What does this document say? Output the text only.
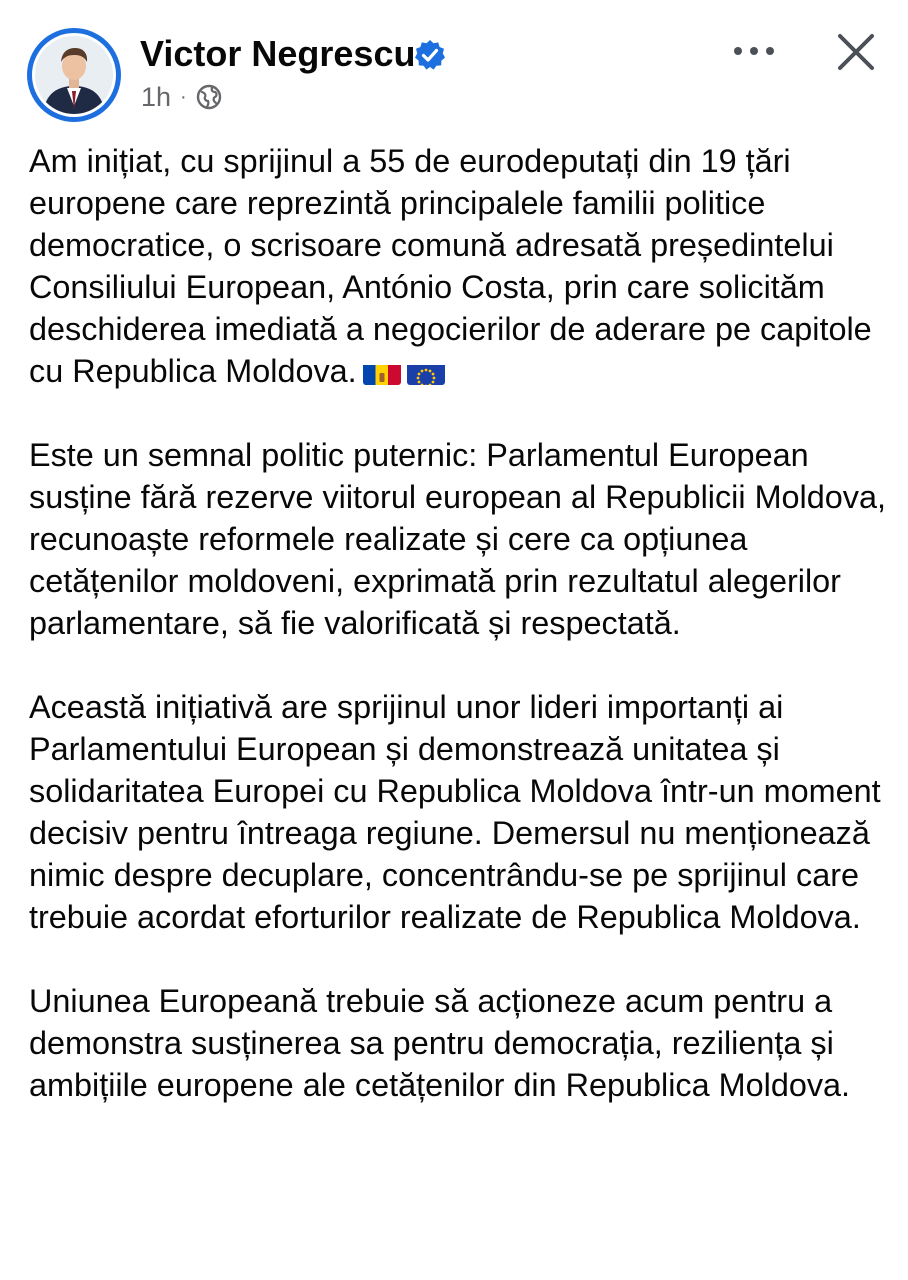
Victor Negrescu
1h ·

Am inițiat, cu sprijinul a 55 de eurodeputați din 19 țări europene care reprezintă principalele familii politice democratice, o scrisoare comună adresată președintelui Consiliului European, António Costa, prin care solicităm deschiderea imediată a negocierilor de aderare pe capitole cu Republica Moldova.

Este un semnal politic puternic: Parlamentul European susține fără rezerve viitorul european al Republicii Moldova, recunoaște reformele realizate și cere ca opțiunea cetățenilor moldoveni, exprimată prin rezultatul alegerilor parlamentare, să fie valorificată și respectată.

Această inițiativă are sprijinul unor lideri importanți ai Parlamentului European și demonstrează unitatea și solidaritatea Europei cu Republica Moldova într-un moment decisiv pentru întreaga regiune. Demersul nu menționează nimic despre decuplare, concentrându-se pe sprijinul care trebuie acordat eforturilor realizate de Republica Moldova.

Uniunea Europeană trebuie să acționeze acum pentru a demonstra susținerea sa pentru democrația, reziliența și ambițiile europene ale cetățenilor din Republica Moldova.
